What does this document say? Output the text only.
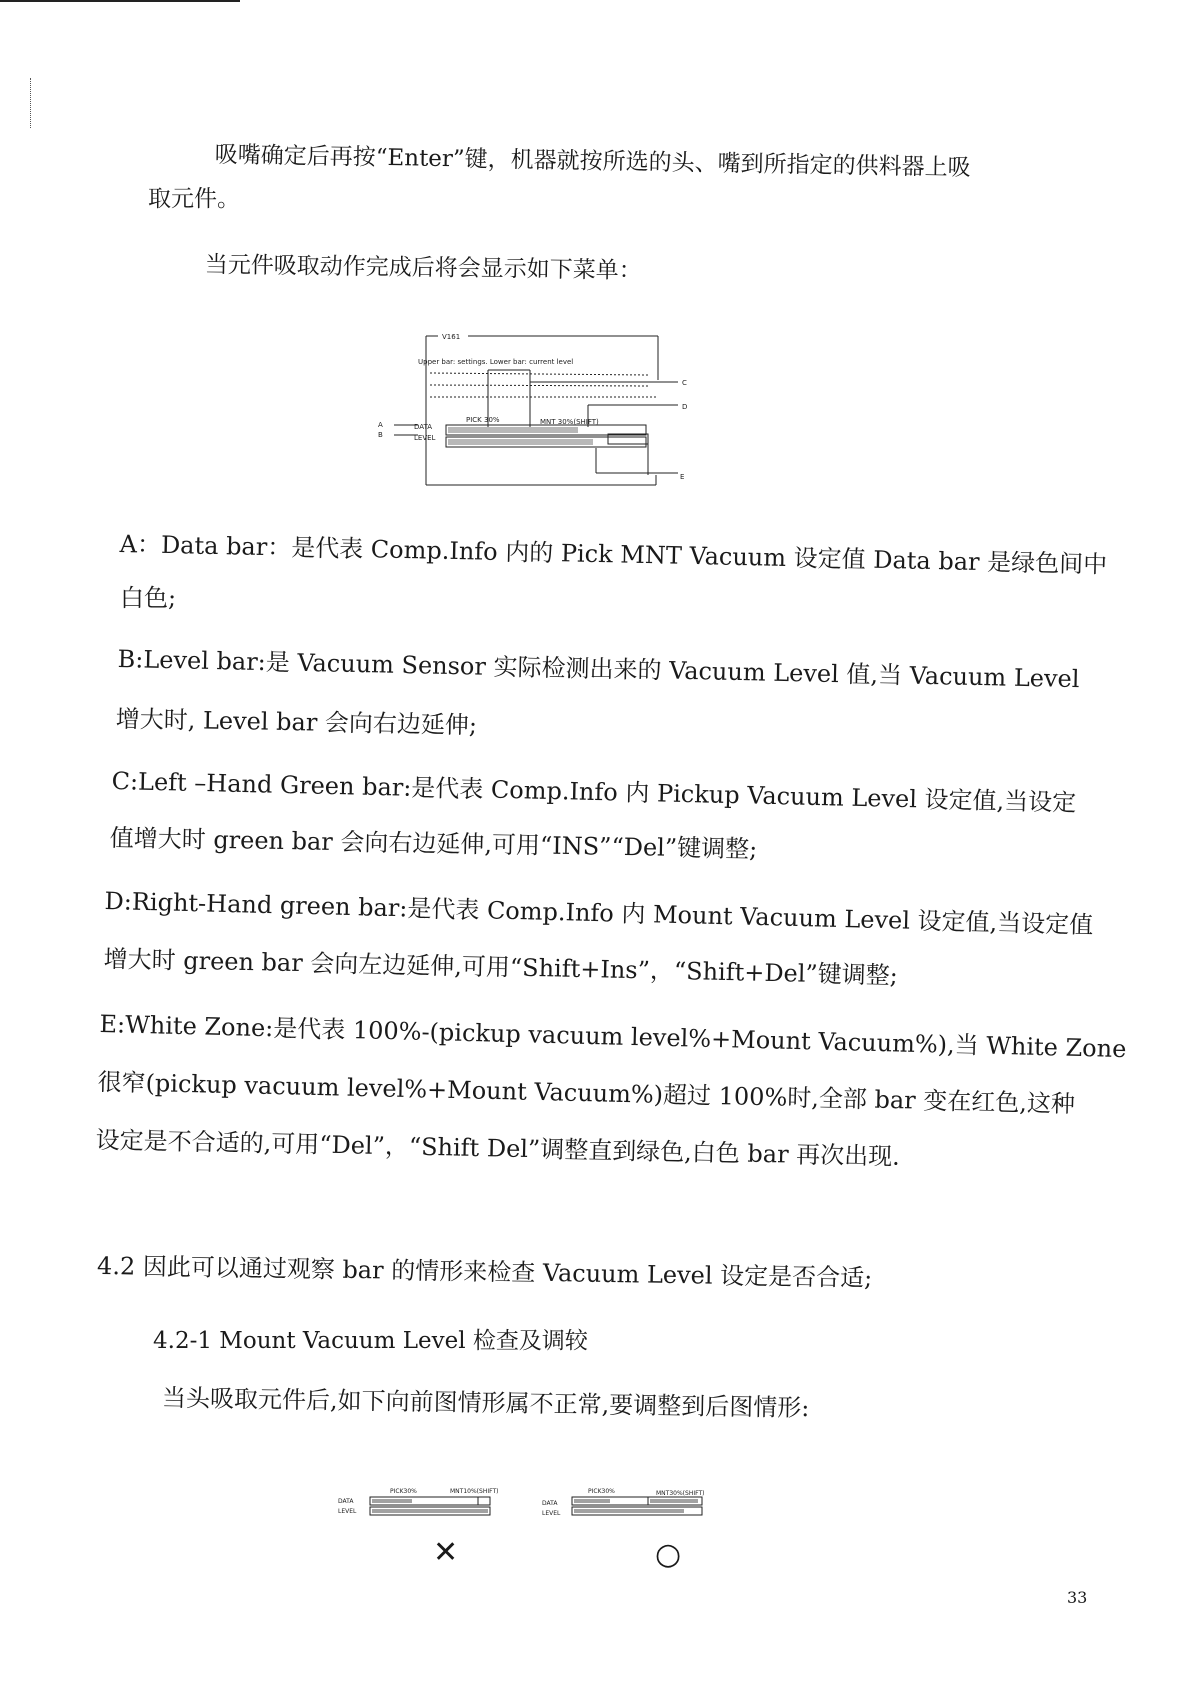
吸嘴确定后再按“Enter”键，机器就按所选的头、嘴到所指定的供料器上吸
取元件。
当元件吸取动作完成后将会显示如下菜单：
V161
Upper bar: settings. Lower bar: current level
PICK 30%	MNT 30%(SHIFT)
DATA
LEVEL
A
B
C
D
E
A：Data bar：是代表 Comp.Info 内的 Pick MNT Vacuum 设定值 Data bar 是绿色间中
白色;
B:Level bar:是 Vacuum Sensor 实际检测出来的 Vacuum Level 值,当 Vacuum Level
增大时, Level bar 会向右边延伸;
C:Left –Hand Green bar:是代表 Comp.Info 内 Pickup Vacuum Level 设定值,当设定
值增大时 green bar 会向右边延伸,可用“INS”“Del”键调整;
D:Right-Hand green bar:是代表 Comp.Info 内 Mount Vacuum Level 设定值,当设定值
增大时 green bar 会向左边延伸,可用“Shift+Ins”，“Shift+Del”键调整;
E:White Zone:是代表 100%-(pickup vacuum level%+Mount Vacuum%),当 White Zone
很窄(pickup vacuum level%+Mount Vacuum%)超过 100%时,全部 bar 变在红色,这种
设定是不合适的,可用“Del”，“Shift Del”调整直到绿色,白色 bar 再次出现.
4.2 因此可以通过观察 bar 的情形来检查 Vacuum Level 设定是否合适;
4.2-1 Mount Vacuum Level 检查及调较
当头吸取元件后,如下向前图情形属不正常,要调整到后图情形:
PICK30%	MNT10%(SHIFT)
DATA
LEVEL
PICK30%	MNT30%(SHIFT)
DATA
LEVEL
✕	○
33
